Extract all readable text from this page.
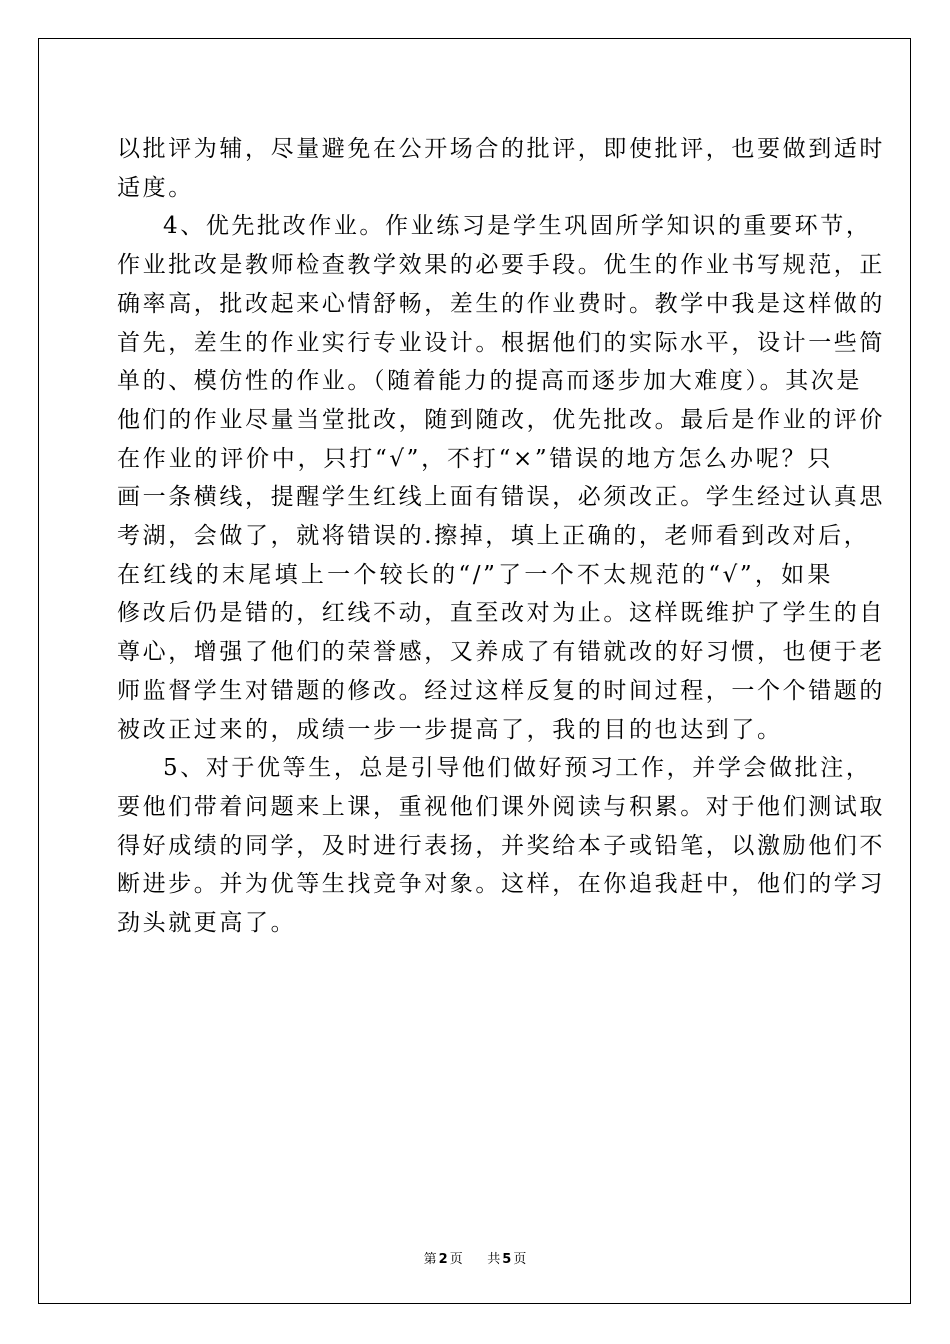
以批评为辅，尽量避免在公开场合的批评，即使批评，也要做到适时
适度。
4、优先批改作业。作业练习是学生巩固所学知识的重要环节，
作业批改是教师检查教学效果的必要手段。优生的作业书写规范，正
确率高，批改起来心情舒畅，差生的作业费时。教学中我是这样做的
首先，差生的作业实行专业设计。根据他们的实际水平，设计一些简
单的、模仿性的作业。（随着能力的提高而逐步加大难度）。其次是
他们的作业尽量当堂批改，随到随改，优先批改。最后是作业的评价
在作业的评价中，只打“√”，不打“×”错误的地方怎么办呢？只
画一条横线，提醒学生红线上面有错误，必须改正。学生经过认真思
考湖，会做了，就将错误的.擦掉，填上正确的，老师看到改对后，
在红线的末尾填上一个较长的“/”了一个不太规范的“√”，如果
修改后仍是错的，红线不动，直至改对为止。这样既维护了学生的自
尊心，增强了他们的荣誉感，又养成了有错就改的好习惯，也便于老
师监督学生对错题的修改。经过这样反复的时间过程，一个个错题的
被改正过来的，成绩一步一步提高了，我的目的也达到了。
5、对于优等生，总是引导他们做好预习工作，并学会做批注，
要他们带着问题来上课，重视他们课外阅读与积累。对于他们测试取
得好成绩的同学，及时进行表扬，并奖给本子或铅笔，以激励他们不
断进步。并为优等生找竞争对象。这样，在你追我赶中，他们的学习
劲头就更高了。
第 2 页 共 5 页
